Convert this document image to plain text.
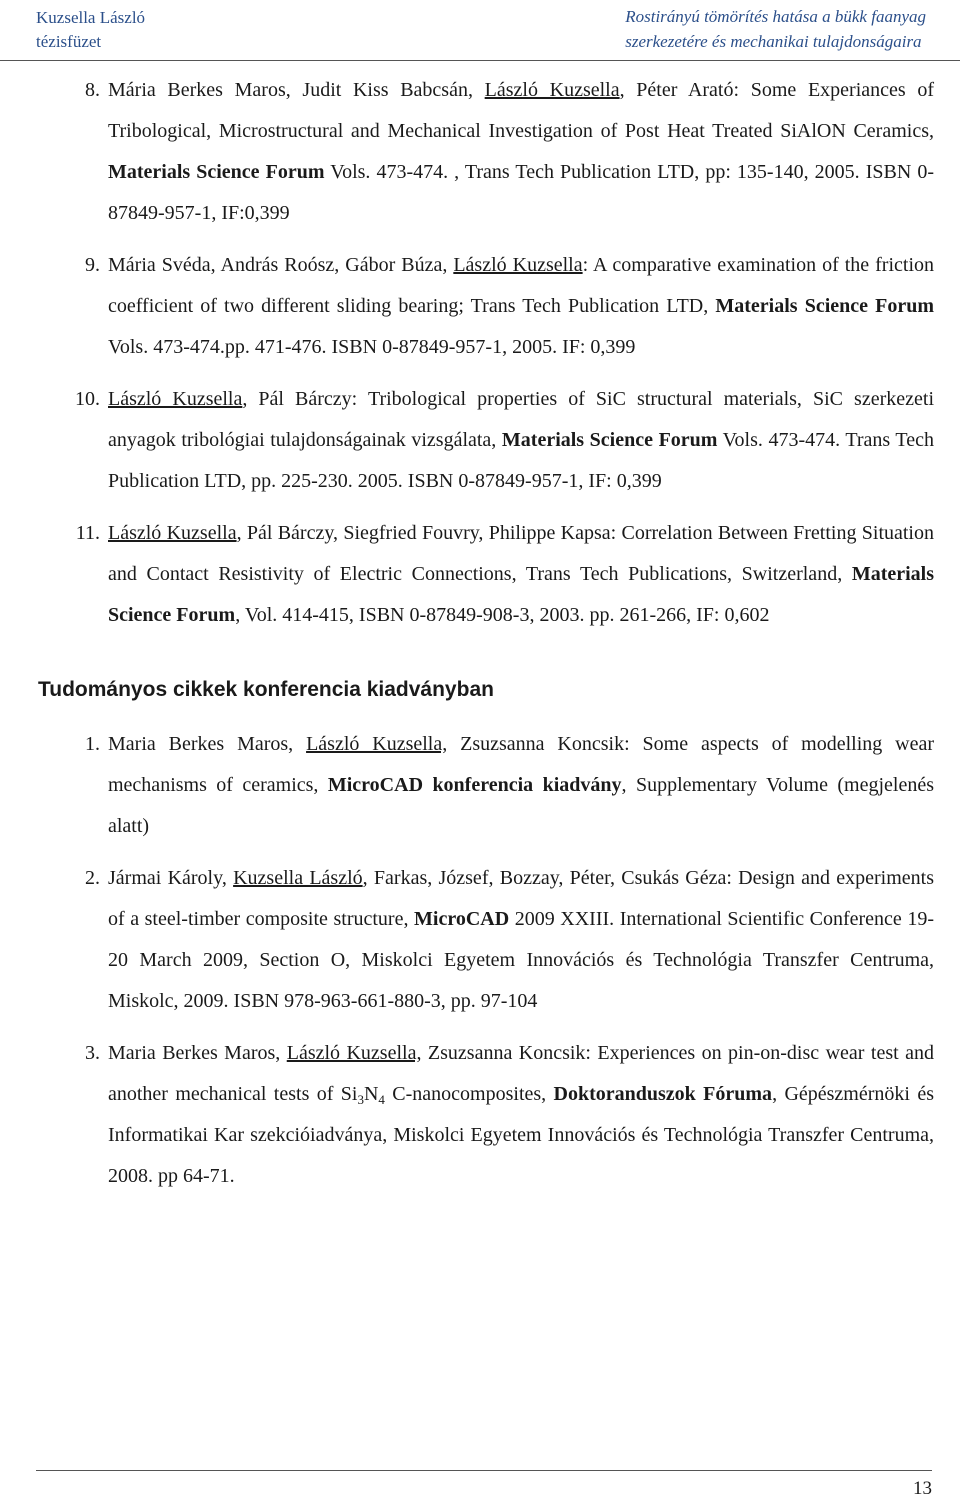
Kuzsella László
tézisfüzet
Rostirányú tömörítés hatása a bükk faanyag
szerkezetére és mechanikai tulajdonságaira
8. Mária Berkes Maros, Judit Kiss Babcsán, László Kuzsella, Péter Arató: Some Experiances of Tribological, Microstructural and Mechanical Investigation of Post Heat Treated SiAlON Ceramics, Materials Science Forum Vols. 473-474. , Trans Tech Publication LTD, pp: 135-140, 2005. ISBN 0-87849-957-1, IF:0,399
9. Mária Svéda, András Roósz, Gábor Búza, László Kuzsella: A comparative examination of the friction coefficient of two different sliding bearing; Trans Tech Publication LTD, Materials Science Forum Vols. 473-474.pp. 471-476. ISBN 0-87849-957-1, 2005. IF: 0,399
10. László Kuzsella, Pál Bárczy: Tribological properties of SiC structural materials, SiC szerkezeti anyagok tribológiai tulajdonságainak vizsgálata, Materials Science Forum Vols. 473-474. Trans Tech Publication LTD, pp. 225-230. 2005. ISBN 0-87849-957-1, IF: 0,399
11. László Kuzsella, Pál Bárczy, Siegfried Fouvry, Philippe Kapsa: Correlation Between Fretting Situation and Contact Resistivity of Electric Connections, Trans Tech Publications, Switzerland, Materials Science Forum, Vol. 414-415, ISBN 0-87849-908-3, 2003. pp. 261-266, IF: 0,602
Tudományos cikkek konferencia kiadványban
1. Maria Berkes Maros, László Kuzsella, Zsuzsanna Koncsik: Some aspects of modelling wear mechanisms of ceramics, MicroCAD konferencia kiadvány, Supplementary Volume (megjelenés alatt)
2. Jármai Károly, Kuzsella László, Farkas, József, Bozzay, Péter, Csukás Géza: Design and experiments of a steel-timber composite structure, MicroCAD 2009 XXIII. International Scientific Conference 19-20 March 2009, Section O, Miskolci Egyetem Innovációs és Technológia Transzfer Centruma, Miskolc, 2009. ISBN 978-963-661-880-3, pp. 97-104
3. Maria Berkes Maros, László Kuzsella, Zsuzsanna Koncsik: Experiences on pin-on-disc wear test and another mechanical tests of $Si_3N_4$ C-nanocomposites, Doktoranduszok Fóruma, Gépészmérnöki és Informatikai Kar szekcióiadványa, Miskolci Egyetem Innovációs és Technológia Transzfer Centruma, 2008. pp 64-71.
13
